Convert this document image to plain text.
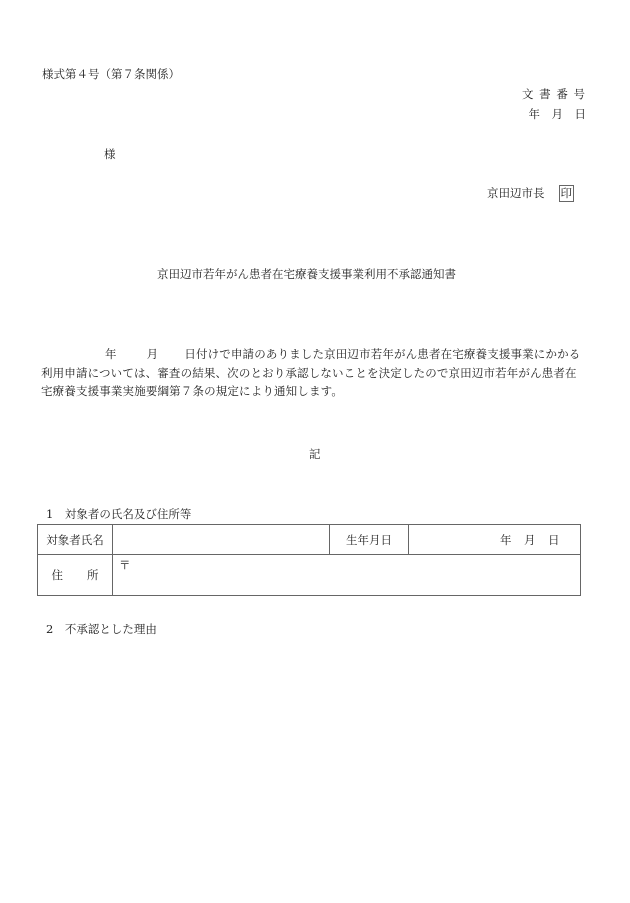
様式第４号（第７条関係）
文 書 番 号
年　月　日
様
京田辺市長 印
京田辺市若年がん患者在宅療養支援事業利用不承認通知書
年	月 日付けで申請のありました京田辺市若年がん患者在宅療養支援事業にかかる利用申請については、審査の結果、次のとおり承認しないことを決定したので京田辺市若年がん患者在宅療養支援事業実施要綱第７条の規定により通知します。
記
1　対象者の氏名及び住所等
対象者氏名		生年月日	年　月　日
住 所	〒		
2　不承認とした理由
